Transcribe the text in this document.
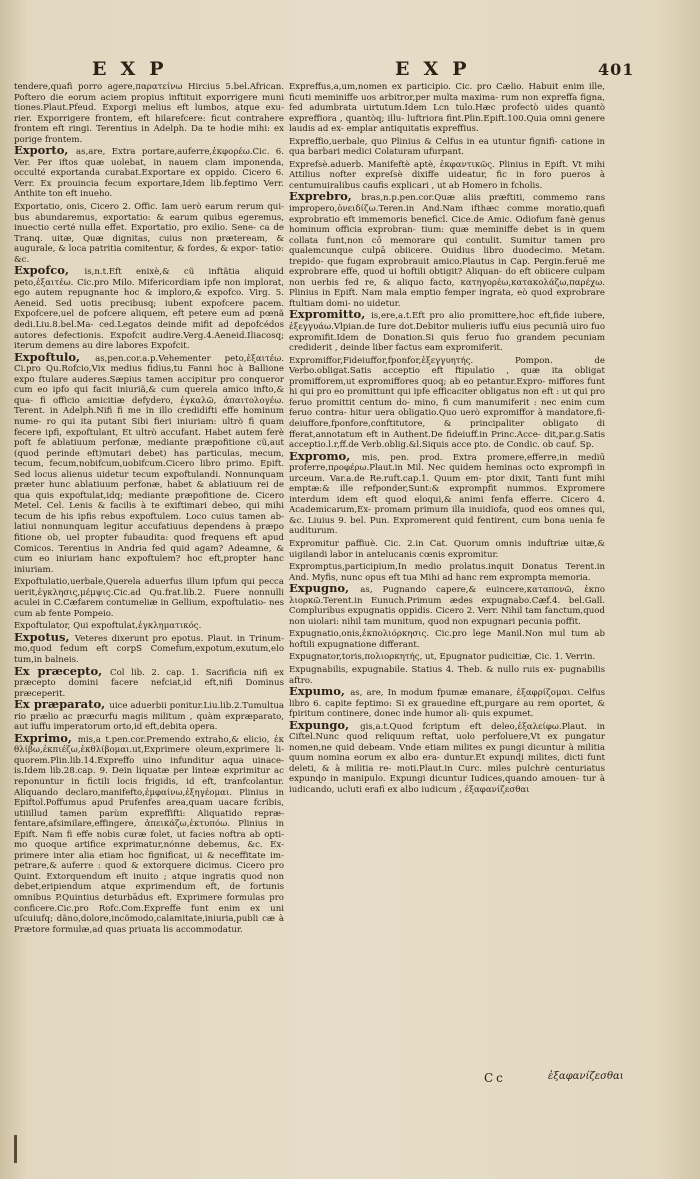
EXP	EXP	401

tendere,quafi porro agere,παρατείνω Hircius 5.bel.African. Poftero die eorum aciem propius inftituit exporrigere muni tiones.Plaut.Pfeud. Exporgi melius eft lumbos, atque exu- rier. Exporrigere frontem, eft hilarefcere: ficut contrahere frontem eft ringi. Terentius in Adelph. Da te hodie mihi: ex porige frontem.

Exporto, as,are, Extra portare,auferre,ἐκφορέω.Cic. 6. Ver. Per iftos quæ uolebat, in nauem clam imponenda, occulté exportanda curabat.Exportare ex oppido. Cicero 6. Verr. Ex prouincia fecum exportare,Idem lib.feptimo Verr. Anthite ton eft inueho.

Exportatio, onis, Cicero 2. Offic. Iam uerò earum rerum qui- bus abundaremus, exportatio: & earum quibus egeremus, inuectio certé nulla effet. Exportatio, pro exilio. Sene- ca de Tranq. uitæ, Quæ dignitas, cuius non præteream, & augurale, & loca patritia comitentur, & fordes, & expor- tatio: &c.

Expofco, is,n.t.Eft enixè,& cũ inftãtia aliquid peto,ἐξαιτέω. Cic.pro Milo. Mifericordiam ipfe non implorat, ego autem repugnante hoc & imploro,& expofco. Virg. 5. Aeneid. Sed uotis precibusq; iubent expofcere pacem. Expofcere,uel de pofcere aliquem, eft petere eum ad pœnã dedi.Liu.8.bel.Ma- ced.Legatos deinde mifit ad depofcédos autores defectionis. Expofcit audire.Verg.4.Aeneid.Iliacosq; iterum demens au dire labores Expofcit.

Expoftulo, as,pen.cor.a.p.Vehementer peto,ἐξαιτέω. Ci.pro Qu.Rofcio,Vix medius fidius,tu Fanni hoc à Ballione expo ftulare auderes.Sæpius tamen accipitur pro conqueror cum eo ipfo qui facit iniuriã,& cum querela amico infto,& qua- fi officio amicitiæ defydero, ἐγκαλῶ, ἀπαιτολογέω. Terent. in Adelph.Nifi fi me in illo credidifti effe hominum nume- ro qui ita putant Sibi fieri iniuriam: ultrò fi quam fecere ipfi, expoftulant, Et ultrò accufant. Habet autem ferè poft fe ablatiuum perfonæ, mediante præpofitione cũ,aut (quod perinde eft)mutari debet) has particulas, mecum, tecum, fecum,nobifcum,uobifcum.Cicero libro primo. Epift. Sed locus alienus uidetur tecum expoftulandi. Nonnunquam præter hunc ablatiuum perfonæ, habet & ablatiuum rei de qua quis expoftulat,idq; mediante præpofitione de. Cicero Metel. Cel. Lenis & facilis à te exiftimari debeo, qui mihi tecum de his ipfis rebus expoftulem. Loco cuius tamen ab- latiui nonnunquam legitur accufatiuus dependens à præpo fitione ob, uel propter fubaudita: quod frequens eft apud Comicos. Terentius in Andria fed quid agam? Adeamne, & cum eo iniuriam hanc expoftulem? hoc eft,propter hanc iniuriam.

Expoftulatio,uerbale,Querela aduerfus illum ipfum qui pecca uerit,ἐγκλησις,μέμψις.Cic.ad Qu.frat.lib.2. Fuere nonnulli aculei in C.Cæfarem contumeliæ in Gellium, expoftulatio- nes cum ab fente Pompeio.

Expoftulator, Qui expoftulat,ἐγκληματικός.

Expotus, Veteres dixerunt pro epotus. Plaut. in Trinum- mo,quod fedum eft corpS Comefum,expotum,exutum,elo tum,in balneis.

Ex præcepto, Col lib. 2. cap. 1. Sacrificia nifi ex præcepto domini facere nefciat,id eft,nifi Dominus præceperit.

Ex præparato, uice aduerbii ponitur.Liu.lib.2.Tumultua rio prælio ac præcurfu magis militum , quàm expræparato, aut iuffu imperatorum orto,id eft,debita opera.

Exprimo, mis,a t.pen.cor.Premendo extraho,& elicio, ἐκ θλίβω,ἐκπιέζω,ἐκθλίβομαι.ut,Exprimere oleum,exprimere li- quorem.Plin.lib.14.Expreffo uino infunditur aqua uinace- is.Idem lib.28.cap. 9. Dein liquatæ per linteæ exprimitur ac reponuntur in fictili locis frigidis, id eft, tranfcolantur. Aliquando declaro,manifefto,ἐμφαίνω,ἐξηγέομαι. Plinius in Epiftol.Poffumus apud Prufenfes area,quam uacare fcribis, utiiillud tamen parùm expreffifti: Aliquatido repræ- fentare,afsimilare,effingere, ἀπεικάζω,ἐκτυπόω. Plinius in Epift. Nam fi effe nobis curæ folet, ut facies noftra ab opti- mo quoque artifice exprimatur,nónne debemus, &c. Ex- primere inter alia etiam hoc fignificat, ui & neceffitate im- petrare,& auferre : quod & extorquere dicimus. Cicero pro Quint. Extorquendum eft inuito ; atque ingratis quod non debet,eripiendum atque exprimendum eft, de fortunis omnibus P.Quintius deturbādus eft. Exprimere formulas pro conficere.Cic.pro Rofc.Com.Expreffe funt enim ex uni uſcuiufq; dãno,dolore,incõmodo,calamitate,iniuria,publi cæ à Prætore formulæ,ad quas priuata lis accommodatur.

Expreffus,a,um,nomen ex participio. Cic. pro Cælio. Habuit enim ille, ficuti meminiffe uos arbitror,per multa maxima- rum non expreffa figna, fed adumbrata uirtutum.Idem Lcn tulo.Hæc profectò uides quantò expreffiora , quantòq; illu- luftriora fint.Plin.Epift.100.Quia omni genere laudis ad ex- emplar antiquitatis expreffius.

Expreffio,uerbale, quo Plinius & Celfus in ea utuntur fignifi- catione in qua barbari medici Colaturam ufurpant.

Exprefsè.aduerb. Manifeftè aptè, ἐκφαντικῶς. Plinius in Epift. Vt mihi Attilius nofter expreſsè dixiffe uideatur, fic in foro pueros à centumuiralibus caufis explicari , ut ab Homero in fcholis.

Exprebro, bras,n.p.pen.cor.Quæ aliis præftiti, commemo rans impropero,ὀνειδίζω.Teren.in And.Nam ifthæc comme moratio,quafi exprobratio eft immemoris beneficî. Cice.de Amic. Odiofum fanè genus hominum officia exprobran- tium: quæ meminiffe debet is in quem collata funt,non cō memorare qui contulit. Sumitur tamen pro qualemcunque culpā obiicere. Ouidius libro duodecimo. Metam. trepido- que fugam exprobrauit amico.Plautus in Cap. Pergin.feruē me exprobrare effe, quod ui hoftili obtigit? Aliquan- do eft obiicere culpam non uerbis fed re, & aliquo facto, κατηγορέω,κατακολάζω,παρέχω. Plinius in Epift. Nam mala emptio femper ingrata, eò quod exprobrare ftultiam domi- no uidetur.

Expromitto, is,ere,a.t.Eft pro alio promittere,hoc eft,fide iubere, ἐξεγγυάω.Vlpian.de Iure dot.Debitor mulieris iuffu eius pecuniā uiro fuo expromifit.Idem de Donation.Si quis feruo fuo grandem pecuniam crediderit , deinde liber factus eam expromiferit.

Expromiffor,Fideiuffor,fponfor,ἐξεγγυητής. Pompon. de Verbo.obligat.Satis acceptio eft ftipulatio , quæ ita obligat promifforem,ut expromiffores quoq; ab eo petantur.Expro- miffores funt hi qui pro eo promittunt qui ipfe efficaciter obligatus non eft : ut qui pro feruo promittit centum do- mino, fi cum manumiferit : nec enim cum feruo contra- hitur uera obligatio.Quo uerò expromiffor à mandatore,fi- deiuffore,fponfore,conftitutore, & principaliter obligato di fferat,annotatum eft in Authent.De fideiuff.in Princ.Acce- dit,par.g.Satis acceptio.l.r,ff.de Verb.oblig.&l.Siquis acce pto. de Condic. ob cauf. Sp.

Expromo, mis, pen. prod. Extra promere,efferre,in mediū proferre,προφέρω.Plaut.in Mil. Nec quidem heminas octo exprompfi in urceum. Var.a.de Re.ruft.cap.1. Quum em- ptor dixit, Tanti funt mihi emptæ:& ille refponder,Sunt:& exprompfit nummos. Expromere interdum idem eft quod eloqui,& animi fenfa efferre. Cicero 4. Academicarum,Ex- promam primum illa inuidiofa, quod eos omnes qui, &c. Liuius 9. bel. Pun. Expromerent quid fentirent, cum bona uenia fe auditurum.

Expromitur paffiuè. Cic. 2.in Cat. Quorum omnis induftriæ uitæ,& uigilandi labor in antelucanis cœnis expromitur.

Expromptus,participium,In medio prolatus.inquit Donatus Terent.in And. Myfis, nunc opus eft tua Mihi ad hanc rem exprompta memoria.

Expugno, as, Pugnando capere,& euincere,καταπονῶ, ἐκπο λιορκῶ.Terent.in Eunuch.Primum ædes expugnabo.Cæf.4. bel.Gall. Compluribus expugnatis oppidis. Cicero 2. Verr. Nihil tam fanctum,quod non uiolari: nihil tam munitum, quod non expugnari pecunia poffit.

Expugnatio,onis,ἐκπολιόρκησις. Cic.pro lege Manil.Non mul tum ab hoftili expugnatione differant.

Expugnator,toris,πολιορκητής, ut, Epugnator pudicitiæ, Cic. 1. Verrin.

Expugnabilis, expugnabile. Statius 4. Theb. & nullo ruis ex- pugnabilis aftro.

Expumo, as, are, In modum fpumæ emanare, ἐξαφρίζομαι. Celfus libro 6. capite feptimo: Si ex grauedine eft,purgare au rem oportet, & fpiritum continere, donec inde humor ali- quis expumet.

Expungo, gis,a.t.Quod fcriptum eft deleo,ἐξαλείφω.Plaut. in Ciftel.Nunc quod reliquum reftat, uolo perfoluere,Vt ex pungatur nomen,ne quid debeam. Vnde etiam milites ex pungi dicuntur à militia quum nomina eorum ex albo era- duntur.Et expunɖi milites, dicti funt deleti, & à militia re- moti.Plaut.in Curc. miles pulchrè centuriatus expunɖo in manipulo. Expungi dicuntur Iudices,quando amouen- tur à iudicando, ucluti erafi ex albo iudicum , ἐξαφανίζεσθαι

Cc	ἐξαφανίζεσθαι
